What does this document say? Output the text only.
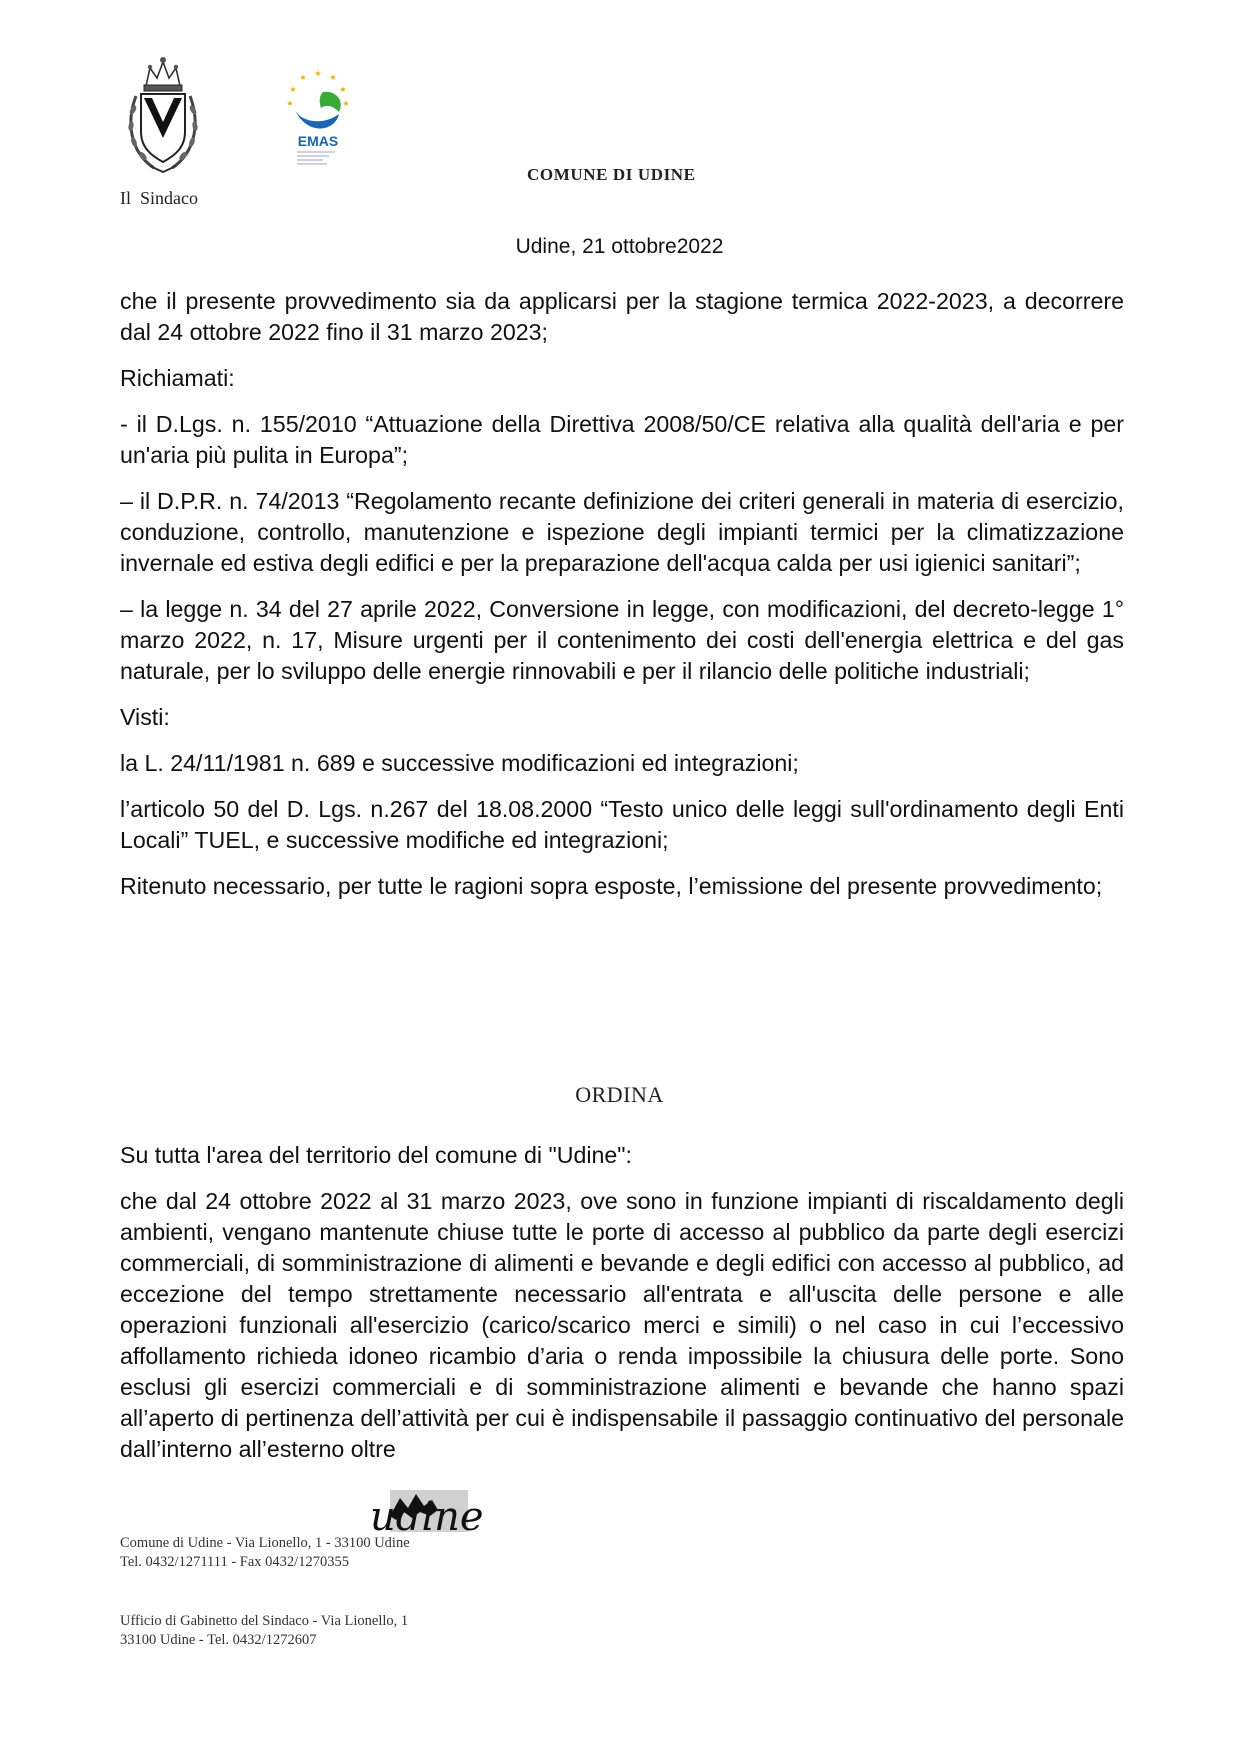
★
★	★
★	★
★	★
EMAS
Il  Sindaco
COMUNE DI UDINE
Udine, 21 ottobre2022

che il presente provvedimento sia da applicarsi per la stagione termica 2022-2023, a decorrere dal 24 ottobre 2022 fino il 31 marzo 2023;

Richiamati:

- il D.Lgs. n. 155/2010 “Attuazione della Direttiva 2008/50/CE relativa alla qualità dell'aria e per un'aria più pulita in Europa”;

– il D.P.R. n. 74/2013 “Regolamento recante definizione dei criteri generali in materia di esercizio, conduzione, controllo, manutenzione e ispezione degli impianti termici per la climatizzazione invernale ed estiva degli edifici e per la preparazione dell'acqua calda per usi igienici sanitari”;

– la legge n. 34 del 27 aprile 2022, Conversione in legge, con modificazioni, del decreto-legge 1° marzo 2022, n. 17, Misure urgenti per il contenimento dei costi dell'energia elettrica e del gas naturale, per lo sviluppo delle energie rinnovabili e per il rilancio delle politiche industriali;

Visti:

la L. 24/11/1981 n. 689 e successive modificazioni ed integrazioni;

l’articolo 50 del D. Lgs. n.267 del 18.08.2000 “Testo unico delle leggi sull'ordinamento degli Enti Locali” TUEL, e successive modifiche ed integrazioni;

Ritenuto necessario, per tutte le ragioni sopra esposte, l’emissione del presente provvedimento;

ORDINA

Su tutta l'area del territorio del comune di "Udine":

che dal 24 ottobre 2022 al 31 marzo 2023, ove sono in funzione impianti di riscaldamento degli ambienti, vengano mantenute chiuse tutte le porte di accesso al pubblico da parte degli esercizi commerciali, di somministrazione di alimenti e bevande e degli edifici con accesso al pubblico, ad eccezione del tempo strettamente necessario all'entrata e all'uscita delle persone e alle operazioni funzionali all'esercizio (carico/scarico merci e simili) o nel caso in cui l’eccessivo affollamento richieda idoneo ricambio d’aria o renda impossibile la chiusura delle porte. Sono esclusi gli esercizi commerciali e di somministrazione alimenti e bevande che hanno spazi all’aperto di pertinenza dell’attività per cui è indispensabile il passaggio continuativo del personale dall’interno all’esterno oltre

udine
Comune di Udine - Via Lionello, 1 - 33100 Udine
Tel. 0432/1271111 - Fax 0432/1270355
Ufficio di Gabinetto del Sindaco - Via Lionello, 1
33100 Udine - Tel. 0432/1272607
